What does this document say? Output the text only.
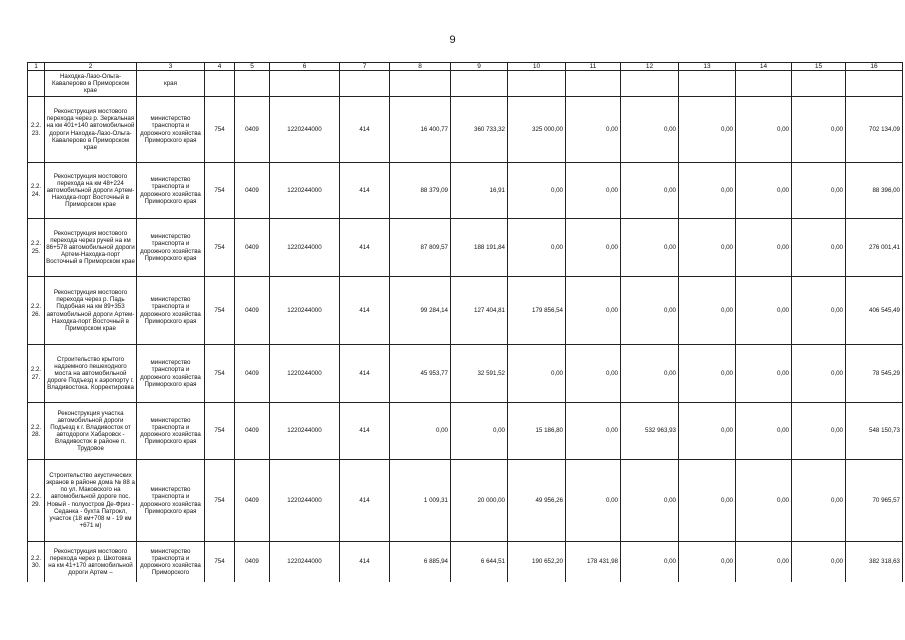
9
1	2	3	4	5	6	7	8	9	10	11	12	13	14	15	16
	Находка-Лазо-Ольга-Кавалерово в Приморском крае	края													
2.2. 23.	Реконструкция мостового перехода через р. Зеркальная на км 401+140 автомобильной дороги Находка-Лазо-Ольга-Кавалерово в Приморском крае	министерство транспорта и дорожного хозяйства Приморского края	754	0409	1220244000	414	16 400,77	360 733,32	325 000,00	0,00	0,00	0,00	0,00	0,00	702 134,09
2.2. 24.	Реконструкция мостового перехода на км 48+224 автомобильной дороги Артем-Находка-порт Восточный в Приморском крае	министерство транспорта и дорожного хозяйства Приморского края	754	0409	1220244000	414	88 379,09	16,91	0,00	0,00	0,00	0,00	0,00	0,00	88 396,00
2.2. 25.	Реконструкция мостового перехода через ручей на км 86+578 автомобильной дороги Артем-Находка-порт Восточный в Приморском крае	министерство транспорта и дорожного хозяйства Приморского края	754	0409	1220244000	414	87 809,57	188 191,84	0,00	0,00	0,00	0,00	0,00	0,00	276 001,41
2.2. 26.	Реконструкция мостового перехода через р. Падь Подобная на км 89+353 автомобильной дороги Артем-Находка-порт Восточный в Приморском крае	министерство транспорта и дорожного хозяйства Приморского края	754	0409	1220244000	414	99 284,14	127 404,81	179 856,54	0,00	0,00	0,00	0,00	0,00	406 545,49
2.2. 27.	Строительство крытого надземного пешеходного моста на автомобильной дороге Подъезд к аэропорту г. Владивостока. Корректировка	министерство транспорта и дорожного хозяйства Приморского края	754	0409	1220244000	414	45 953,77	32 591,52	0,00	0,00	0,00	0,00	0,00	0,00	78 545,29
2.2. 28.	Реконструкция участка автомобильной дороги Подъезд к г. Владивосток от автодороги Хабаровск - Владивосток в районе п. Трудовое	министерство транспорта и дорожного хозяйства Приморского края	754	0409	1220244000	414	0,00	0,00	15 186,80	0,00	532 963,93	0,00	0,00	0,00	548 150,73
2.2. 29.	Строительство акустических экранов в районе дома № 88 а по ул. Маковского на автомобильной дороге пос. Новый - полуостров Де-Фриз - Седанка - бухта Патрокл, участок (18 км+708 м - 19 км +671 м)	министерство транспорта и дорожного хозяйства Приморского края	754	0409	1220244000	414	1 009,31	20 000,00	49 956,26	0,00	0,00	0,00	0,00	0,00	70 965,57
2.2. 30.	Реконструкция мостового перехода через р. Шкотовка на км 41+170 автомобильной дороги Артем –	министерство транспорта и дорожного хозяйства Приморского	754	0409	1220244000	414	6 885,94	6 644,51	190 652,20	178 431,98	0,00	0,00	0,00	0,00	382 318,63
